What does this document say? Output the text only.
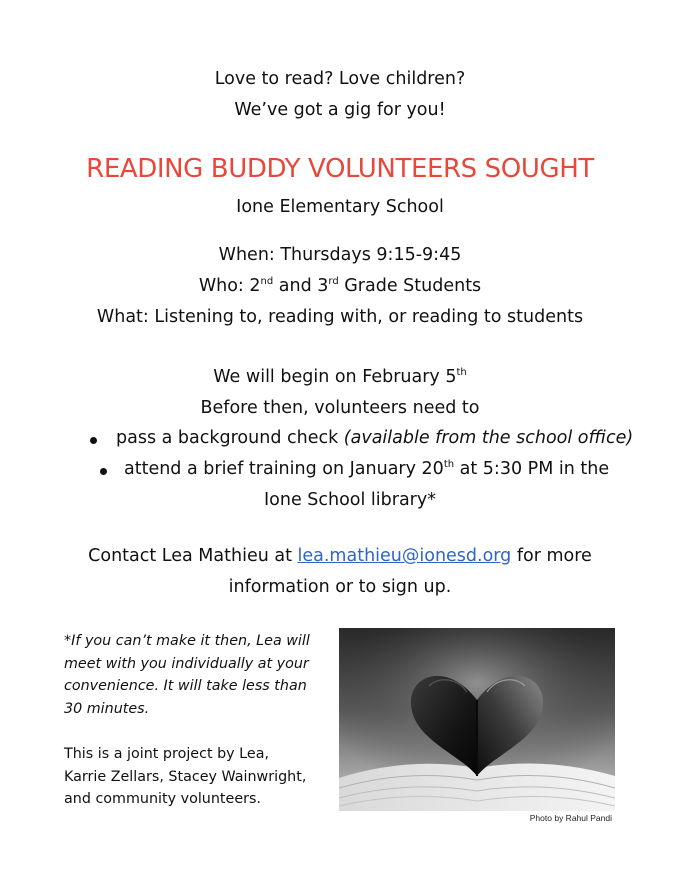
Love to read? Love children?
We’ve got a gig for you!
READING BUDDY VOLUNTEERS SOUGHT
Ione Elementary School
When: Thursdays 9:15-9:45
Who: 2nd and 3rd Grade Students
What: Listening to, reading with, or reading to students
We will begin on February 5th
Before then, volunteers need to
pass a background check (available from the school office)
attend a brief training on January 20th at 5:30 PM in the
Ione School library*
Contact Lea Mathieu at lea.mathieu@ionesd.org for more
information or to sign up.
*If you can’t make it then, Lea will
meet with you individually at your
convenience. It will take less than
30 minutes.
This is a joint project by Lea,
Karrie Zellars, Stacey Wainwright,
and community volunteers.
Photo by Rahul Pandi
